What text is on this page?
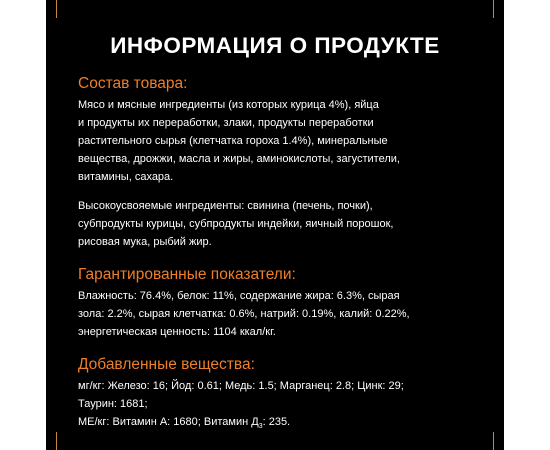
ИНФОРМАЦИЯ О ПРОДУКТЕ
Состав товара:

Мясо и мясные ингредиенты (из которых курица 4%), яйца

и продукты их переработки, злаки, продукты переработки

растительного сырья (клетчатка гороха 1.4%), минеральные

вещества, дрожжи, масла и жиры, аминокислоты, загустители,

витамины, сахара.

Высокоусвояемые ингредиенты: свинина (печень, почки),

субпродукты курицы, субпродукты индейки, яичный порошок,

рисовая мука, рыбий жир.

Гарантированные показатели:

Влажность: 76.4%, белок: 11%, содержание жира: 6.3%, сырая

зола: 2.2%, сырая клетчатка: 0.6%, натрий: 0.19%, калий: 0.22%,

энергетическая ценность: 1104 ккал/кг.

Добавленные вещества:

мг/кг: Железо: 16; Йод: 0.61; Медь: 1.5; Марганец: 2.8; Цинк: 29;

Таурин: 1681;

МЕ/кг: Витамин А: 1680; Витамин $Д_3$: 235.
